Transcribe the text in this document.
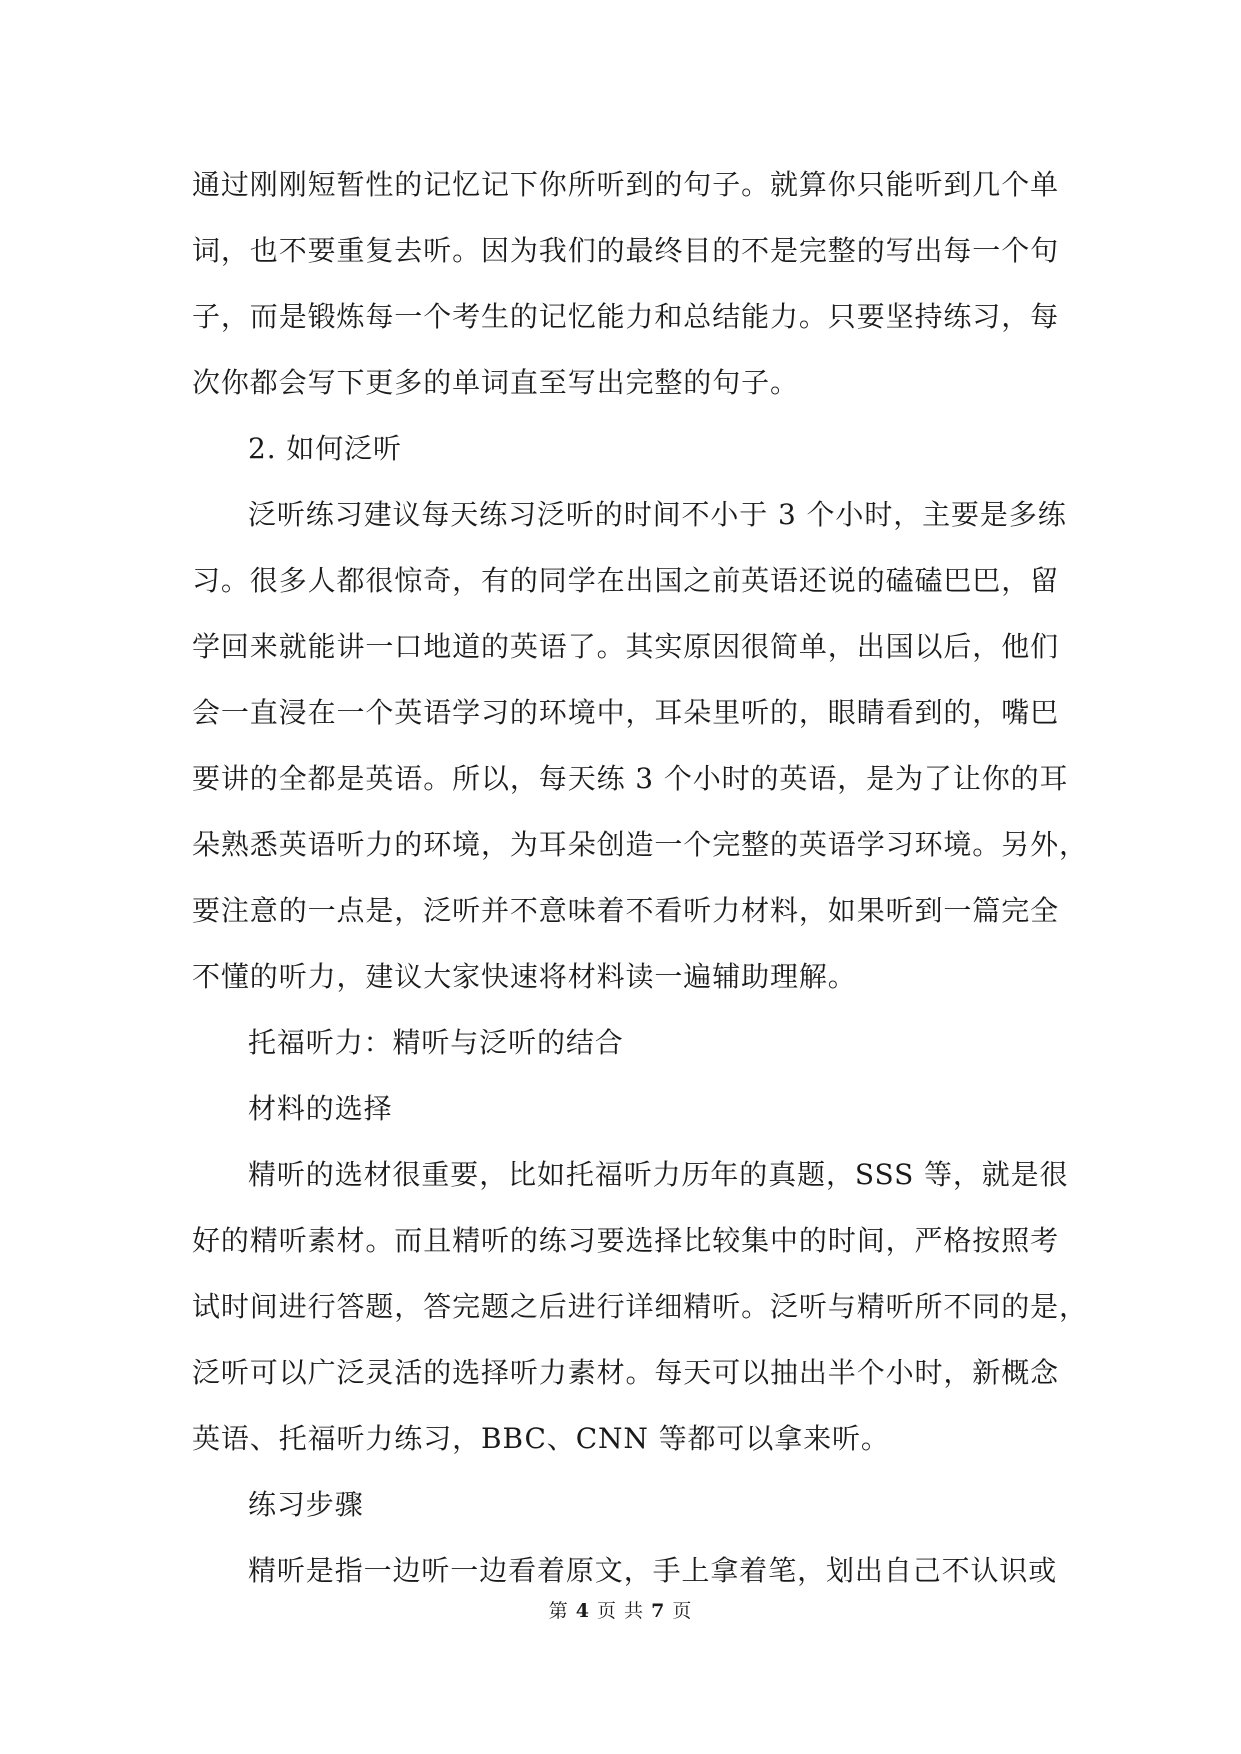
通过刚刚短暂性的记忆记下你所听到的句子。就算你只能听到几个单
词，也不要重复去听。因为我们的最终目的不是完整的写出每一个句
子，而是锻炼每一个考生的记忆能力和总结能力。只要坚持练习，每
次你都会写下更多的单词直至写出完整的句子。
2. 如何泛听
泛听练习建议每天练习泛听的时间不小于 3 个小时，主要是多练
习。很多人都很惊奇，有的同学在出国之前英语还说的磕磕巴巴，留
学回来就能讲一口地道的英语了。其实原因很简单，出国以后，他们
会一直浸在一个英语学习的环境中，耳朵里听的，眼睛看到的，嘴巴
要讲的全都是英语。所以，每天练 3 个小时的英语，是为了让你的耳
朵熟悉英语听力的环境，为耳朵创造一个完整的英语学习环境。另外，
要注意的一点是，泛听并不意味着不看听力材料，如果听到一篇完全
不懂的听力，建议大家快速将材料读一遍辅助理解。
托福听力：精听与泛听的结合
材料的选择
精听的选材很重要，比如托福听力历年的真题，SSS 等，就是很
好的精听素材。而且精听的练习要选择比较集中的时间，严格按照考
试时间进行答题，答完题之后进行详细精听。泛听与精听所不同的是，
泛听可以广泛灵活的选择听力素材。每天可以抽出半个小时，新概念
英语、托福听力练习，BBC、CNN 等都可以拿来听。
练习步骤
精听是指一边听一边看着原文，手上拿着笔，划出自己不认识或
第 4 页 共 7 页
